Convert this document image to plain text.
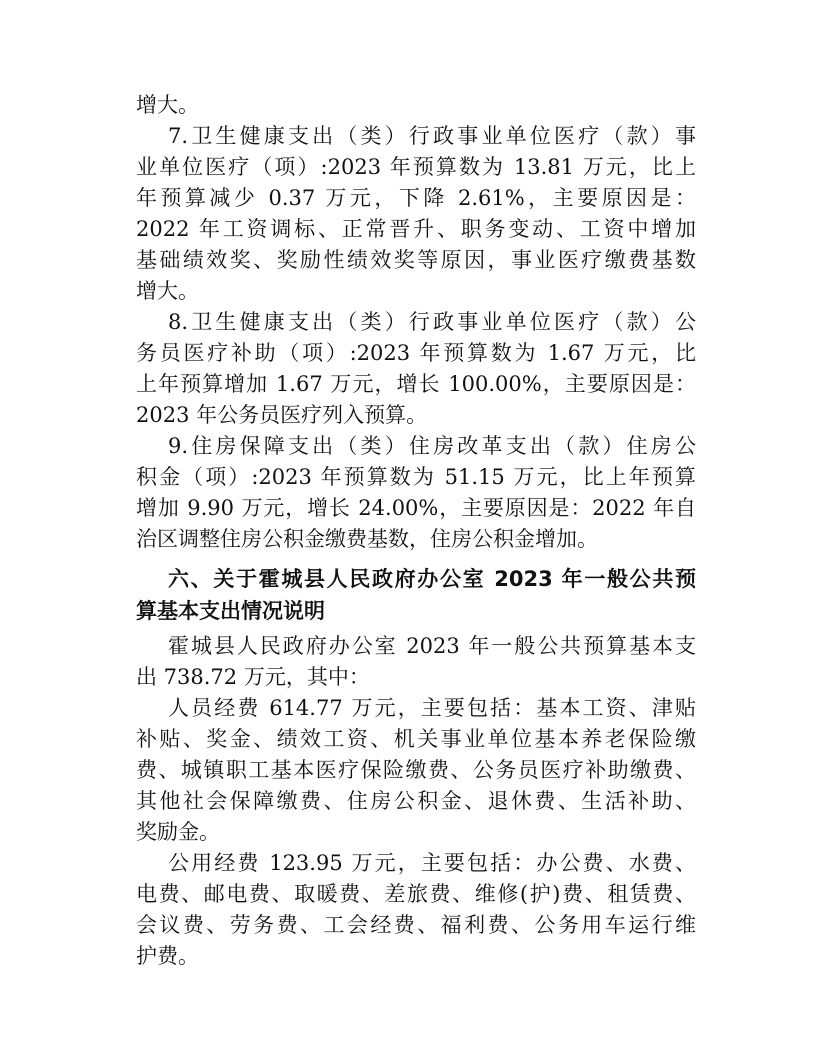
增大。
7.卫生健康支出（类）行政事业单位医疗（款）事
业单位医疗（项）:2023 年预算数为 13.81 万元，比上
年预算减少 0.37 万元，下降 2.61%，主要原因是：
2022 年工资调标、正常晋升、职务变动、工资中增加
基础绩效奖、奖励性绩效奖等原因，事业医疗缴费基数
增大。
8.卫生健康支出（类）行政事业单位医疗（款）公
务员医疗补助（项）:2023 年预算数为 1.67 万元，比
上年预算增加 1.67 万元，增长 100.00%，主要原因是：
2023 年公务员医疗列入预算。
9.住房保障支出（类）住房改革支出（款）住房公
积金（项）:2023 年预算数为 51.15 万元，比上年预算
增加 9.90 万元，增长 24.00%，主要原因是：2022 年自
治区调整住房公积金缴费基数，住房公积金增加。
六、关于霍城县人民政府办公室 2023 年一般公共预
算基本支出情况说明
霍城县人民政府办公室 2023 年一般公共预算基本支
出 738.72 万元，其中：
人员经费 614.77 万元，主要包括：基本工资、津贴
补贴、奖金、绩效工资、机关事业单位基本养老保险缴
费、城镇职工基本医疗保险缴费、公务员医疗补助缴费、
其他社会保障缴费、住房公积金、退休费、生活补助、
奖励金。
公用经费 123.95 万元，主要包括：办公费、水费、
电费、邮电费、取暖费、差旅费、维修(护)费、租赁费、
会议费、劳务费、工会经费、福利费、公务用车运行维
护费。
